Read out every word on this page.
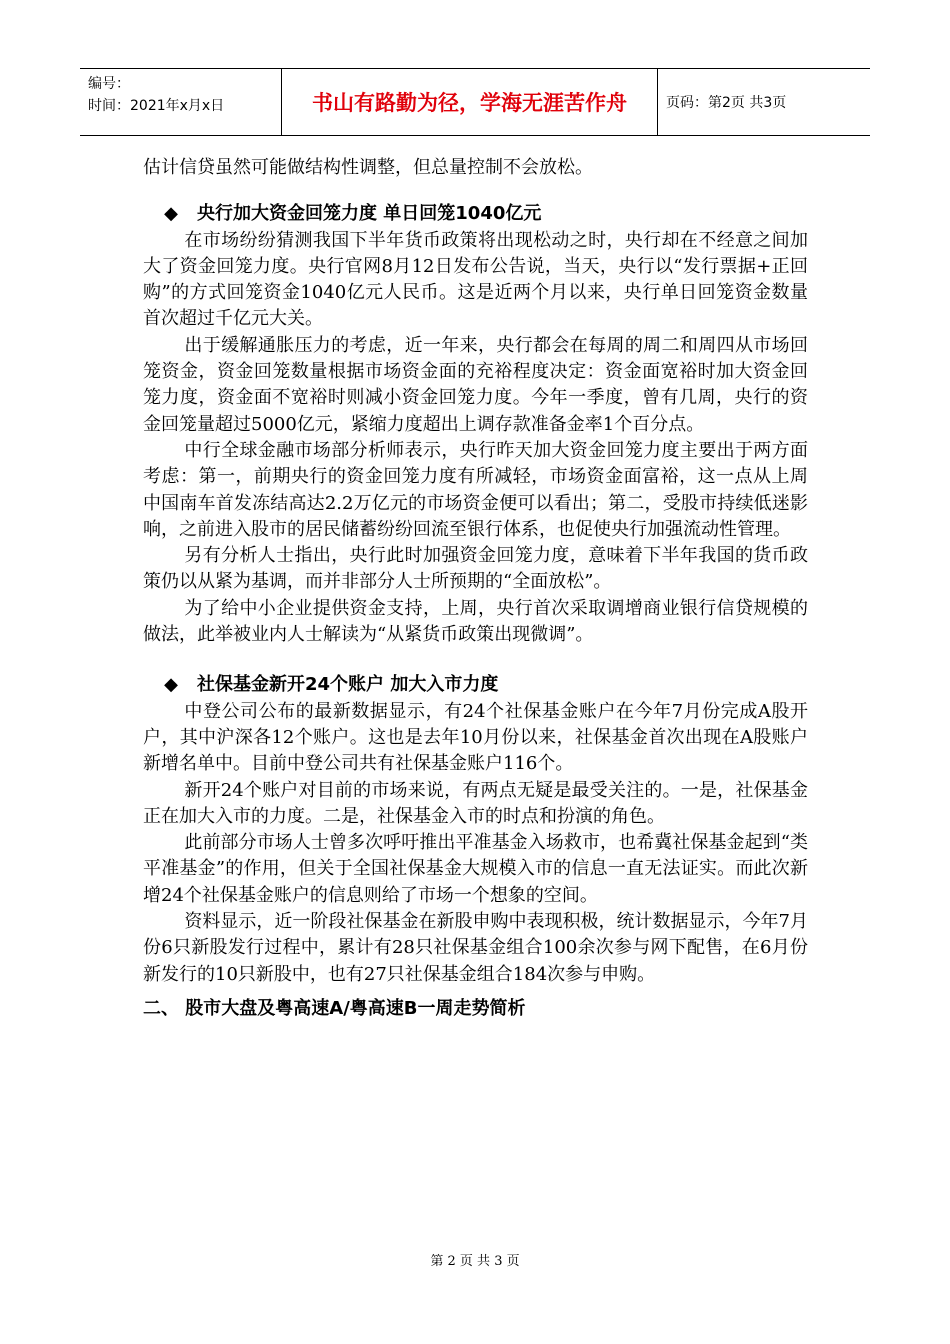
编号：
时间：2021年x月x日	书山有路勤为径，学海无涯苦作舟	页码：第2页 共3页

估计信贷虽然可能做结构性调整，但总量控制不会放松。

◆ 央行加大资金回笼力度 单日回笼1040亿元

在市场纷纷猜测我国下半年货币政策将出现松动之时，央行却在不经意之间加大了资金回笼力度。央行官网8月12日发布公告说，当天，央行以“发行票据+正回购”的方式回笼资金1040亿元人民币。这是近两个月以来，央行单日回笼资金数量首次超过千亿元大关。

出于缓解通胀压力的考虑，近一年来，央行都会在每周的周二和周四从市场回笼资金，资金回笼数量根据市场资金面的充裕程度决定：资金面宽裕时加大资金回笼力度，资金面不宽裕时则减小资金回笼力度。今年一季度，曾有几周，央行的资金回笼量超过5000亿元，紧缩力度超出上调存款准备金率1个百分点。

中行全球金融市场部分析师表示，央行昨天加大资金回笼力度主要出于两方面考虑：第一，前期央行的资金回笼力度有所减轻，市场资金面富裕，这一点从上周中国南车首发冻结高达2.2万亿元的市场资金便可以看出；第二，受股市持续低迷影响，之前进入股市的居民储蓄纷纷回流至银行体系，也促使央行加强流动性管理。

另有分析人士指出，央行此时加强资金回笼力度，意味着下半年我国的货币政策仍以从紧为基调，而并非部分人士所预期的“全面放松”。

为了给中小企业提供资金支持，上周，央行首次采取调增商业银行信贷规模的做法，此举被业内人士解读为“从紧货币政策出现微调”。

◆ 社保基金新开24个账户 加大入市力度

中登公司公布的最新数据显示，有24个社保基金账户在今年7月份完成A股开户，其中沪深各12个账户。这也是去年10月份以来，社保基金首次出现在A股账户新增名单中。目前中登公司共有社保基金账户116个。

新开24个账户对目前的市场来说，有两点无疑是最受关注的。一是，社保基金正在加大入市的力度。二是，社保基金入市的时点和扮演的角色。

此前部分市场人士曾多次呼吁推出平准基金入场救市，也希冀社保基金起到“类平准基金”的作用，但关于全国社保基金大规模入市的信息一直无法证实。而此次新增24个社保基金账户的信息则给了市场一个想象的空间。

资料显示，近一阶段社保基金在新股申购中表现积极，统计数据显示，今年7月份6只新股发行过程中，累计有28只社保基金组合100余次参与网下配售，在6月份新发行的10只新股中，也有27只社保基金组合184次参与申购。

二、 股市大盘及粤高速A/粤高速B一周走势简析

第 2 页 共 3 页
